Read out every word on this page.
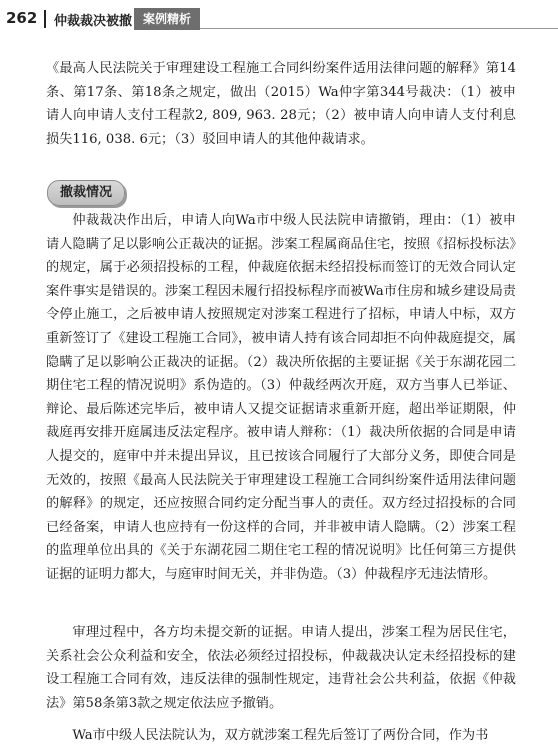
262 仲裁裁决被撤 案例精析

《最高人民法院关于审理建设工程施工合同纠纷案件适用法律问题的解释》第14条、第17条、第18条之规定，做出（2015）Wa仲字第344号裁决：（1）被申请人向申请人支付工程款2, 809, 963. 28元；（2）被申请人向申请人支付利息损失116, 038. 6元；（3）驳回申请人的其他仲裁请求。

撤裁情况

仲裁裁决作出后，申请人向Wa市中级人民法院申请撤销，理由：（1）被申请人隐瞒了足以影响公正裁决的证据。涉案工程属商品住宅，按照《招标投标法》的规定，属于必须招投标的工程，仲裁庭依据未经招投标而签订的无效合同认定案件事实是错误的。涉案工程因未履行招投标程序而被Wa市住房和城乡建设局责令停止施工，之后被申请人按照规定对涉案工程进行了招标，申请人中标，双方重新签订了《建设工程施工合同》，被申请人持有该合同却拒不向仲裁庭提交，属隐瞒了足以影响公正裁决的证据。（2）裁决所依据的主要证据《关于东湖花园二期住宅工程的情况说明》系伪造的。（3）仲裁经两次开庭，双方当事人已举证、辩论、最后陈述完毕后，被申请人又提交证据请求重新开庭，超出举证期限，仲裁庭再安排开庭属违反法定程序。被申请人辩称：（1）裁决所依据的合同是申请人提交的，庭审中并未提出异议，且已按该合同履行了大部分义务，即使合同是无效的，按照《最高人民法院关于审理建设工程施工合同纠纷案件适用法律问题的解释》的规定，还应按照合同约定分配当事人的责任。双方经过招投标的合同已经备案，申请人也应持有一份这样的合同，并非被申请人隐瞒。（2）涉案工程的监理单位出具的《关于东湖花园二期住宅工程的情况说明》比任何第三方提供证据的证明力都大，与庭审时间无关，并非伪造。（3）仲裁程序无违法情形。

审理过程中，各方均未提交新的证据。申请人提出，涉案工程为居民住宅，关系社会公众利益和安全，依法必须经过招投标，仲裁裁决认定未经招投标的建设工程施工合同有效，违反法律的强制性规定，违背社会公共利益，依据《仲裁法》第58条第3款之规定依法应予撤销。

Wa市中级人民法院认为，双方就涉案工程先后签订了两份合同，作为书
